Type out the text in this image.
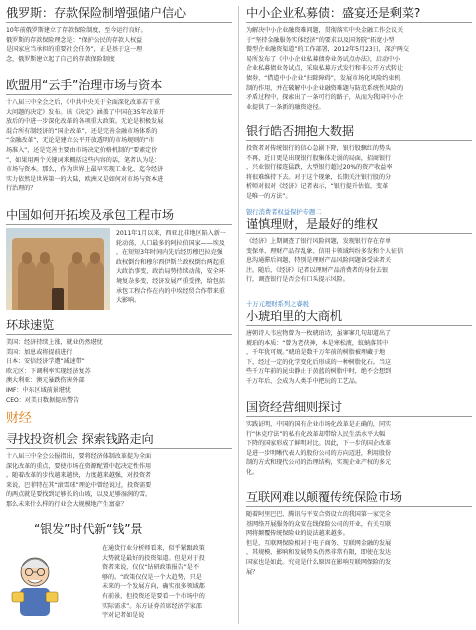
俄罗斯：存款保险制增强储户信心
10年前俄罗斯建立了存款保险制度，至今运行良好。
俄罗斯的存款保险理念是：“保护公民的存款人权益
是国家应当承担的重要社会任务”，正是基于这一理
念，俄罗斯建立起了自己的存款保险制度
欧盟用“云手”治理市场与资本
十八届三中全会之后，《中共中央关于全面深化改革若干重
大问题的决定》发布。该《决定》涵盖了中国在35年改革开
放后的中进一步深化改革的各项重大政策。无论是积极发展
混合所有制经济的“国企改革”，还是完善金融市场体系的
“金融改革”，无论是建立公平开放透明的市场规则的“市
场准入”，还是完善主要由市场决定价格机制的“要素定价
”，如果用两个关键词来概括这些内容的话，笔者认为是：
市场与资本。那么，作为世界上最早实现工业化、迄今经济
实力依然是世界第一的大陆，欧洲又是如何对市场与资本进
行治理的？
中国如何开拓埃及承包工程市场
2011年1月以来，西亚北非地区陷入新一
轮动荡，人口最多的阿拉伯国家——埃及
，在短短3年时间内先后经历穆巴拉克强
政权倒台和穆尔西伊斯兰政权倒台两起重
大政治事变，政治局势持续动荡，安全环
境复杂多变，经济发展严重受挫，给包括
承包工程合作在内的中埃经贸合作带来重
大影响。
环球速览
美国：经济持续上涨，就业仍然堪忧
美国：加息或将提前进行
日本：安倍经济学遭“减速带”
欧元区：下调利率实现经济复苏
澳大利亚：澳元暴跌伤害外部
IMF：中东区域前景堪忧
CEO：对美日数据提出警告
财经
寻找投资机会 探索钱路走向
十八届三中全会公报指出，要将经济体制改革提为全面
深化改革的重点，要使市场在资源配置中起决定性作用
。随着改革的步伐越来越快，力度越来越强，对投资者
来说，巴菲特在其“滚雪球”理论中曾经说过，投资需要
的两点就是要找到足够长的山坡，以及足够湿润的雪。
那么未来什么样的行业会大规模地产生富豪？
“银发”时代新“钱”景
在通货行业分析师看来，似乎紧跟政策
大势就是最好的投资渠道。但是对于投
资者来说，仅仅“钻研政策报告”是不
够的。“政策仅仅是一个大趋势，只是
未来的一个发展方向，确实很多领域都
有前景，但投资还是要看一个市场中的
实际需求”。东方证券首席经济学家邵
宇对记者如是说
中小企业私募债：盛宴还是剩菜?
为解决中小企业融资难问题，贯彻落实中央金融工作会议关
于“坚持金融服务实体经济”的要求以及国务院“拓宽小型
微型企业融资渠道”的工作部署，2012年5月23日，深沪两交
易所发布了《中小企业私募债券业务试点办法》，启动中小
企业私募债业务试点，采取私募方式发行和非公开方式转让
债券，“借道中小企业”扫除障碍”，发展市场化风险约束机
制的作用，并在破解中小企业融资难题与防范系统性风险的
矛盾过程中，探索出了一条可行的路子，从而为我国中小企
业提供了一条新的融资途径。
银行皓否拥抱大数据
投资者对传统银行的信心急剧下降，银行股飘红的势头
不再，近日更是出现银行股集体走弱的局面，招商银行
、兴业银行接连猛跌，大型银行超过20%的资产收益率
将很难维持下去。对于这个现象，长期关注银行股的分
析师对很对《经济》记者表示，“银行提升估值，变革
是唯一的方法”。
银行消费者权益保护专题二
谨慎理财，是最好的维权
《经济》上期调查了银行风险问题，发现银行存在存单
变保单、理财产品存乱象、信用卡领域纠纷多发和个人征信
息沟通滞后问题，特别是理财产品风险问题备受读者关
注。随后，《经济》记者以理财产品消费者的身份去银
行，调查银行是否会有口头提示风险。
十万元理财系列之睿税
小琥珀里的大商机
唐朝诗人韦应物曾为一枚琥珀诗，虽寥寥几句却道出了
琥珀的本质：“曾为老茯神，本是寒松液，蚊蚋落其中
，千年犹可觌。”琥珀是数千万年前的树脂被埋藏于地
下，经过一定的化学变化后形成的一种树脂化石。当这
些千万年前的昆虫静止于黄蓝的树脂中时，绝不会想到
千万年后，会成为人类手中把玩的工艺品。
国资经营细则探讨
实践证明，中国的国有企业市场化改革是正确的，同实
行“休克疗法”的私有化改革却带给人民生活水平大幅
下降的国家形成了鲜明对比。因此，下一步的国企改革
是进一步明晰代表人的股份公司的方向迈进，利用股份
制的方式和现代公司的治理结构，实现企业产权的多元
化。
互联网难以颠覆传统保险市场
随着阿里巴巴、腾讯与平安合资设立的我国第一家完全
基网络开展服务的众安在线保险公司的开业，有关互联
网将颠覆传统保险业的说法越来越多。
但是，互联网保险相对于电子商务、互联网金融的发展
，其规模、影响和发展势头仍然非常有限，即使在发达
国家也是如此。究竟是什么原因在影响互联网保险的发
展？
